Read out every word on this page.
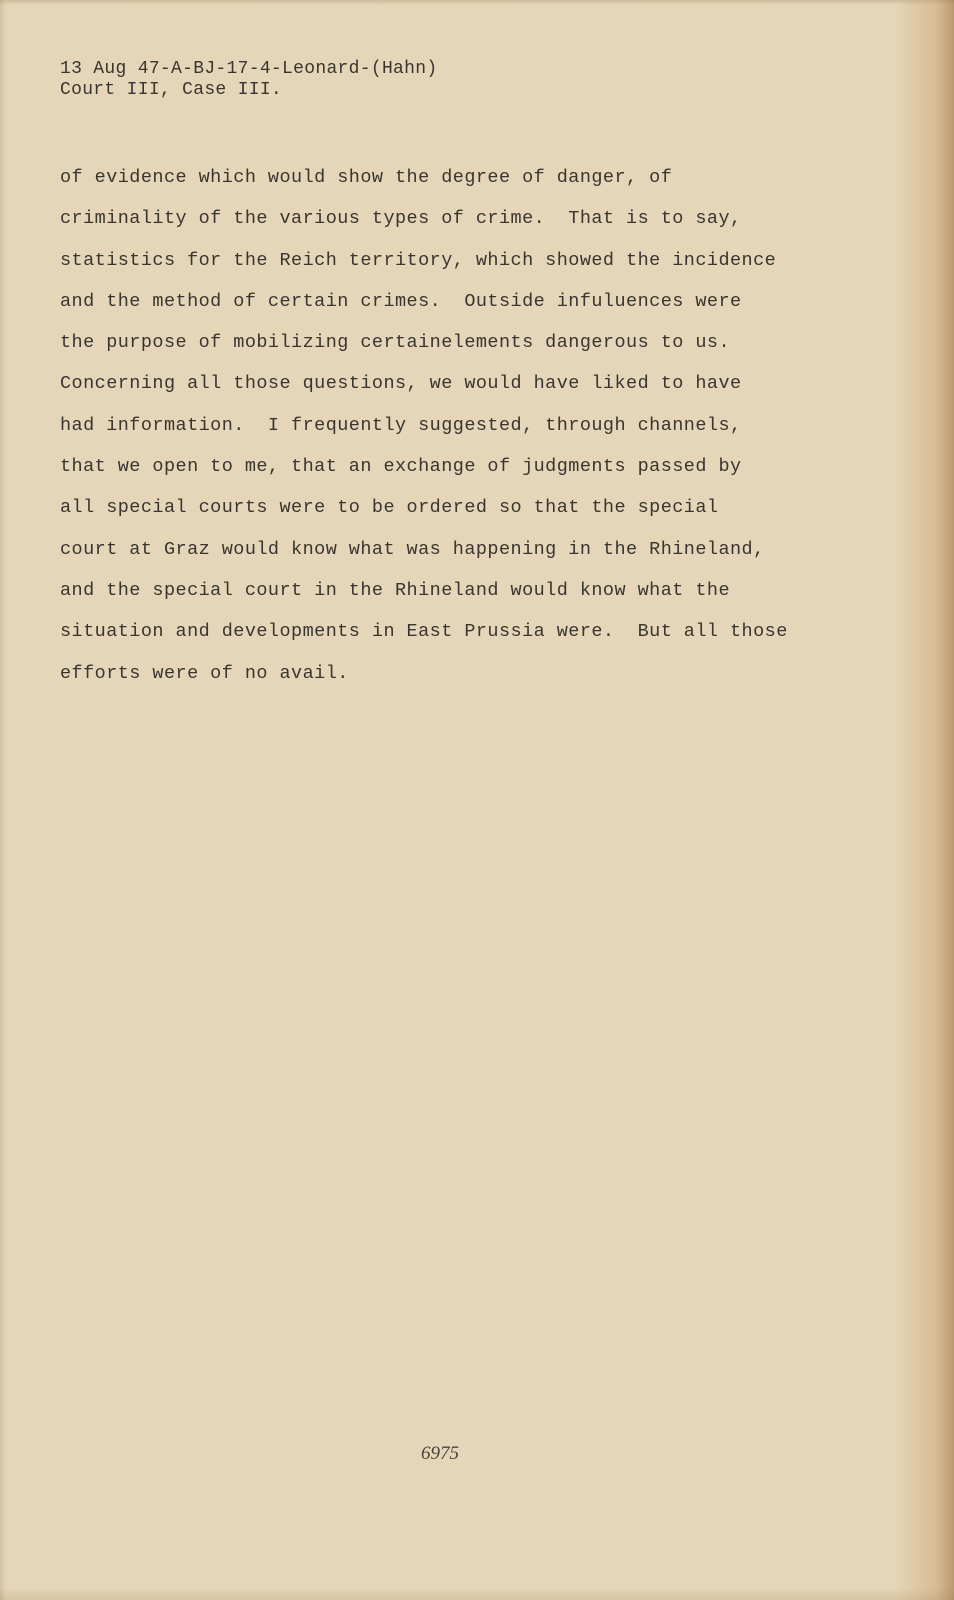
13 Aug 47-A-BJ-17-4-Leonard-(Hahn)
Court III, Case III.
of evidence which would show the degree of danger, of
criminality of the various types of crime.  That is to say,
statistics for the Reich territory, which showed the incidence
and the method of certain crimes.  Outside infuluences were
the purpose of mobilizing certainelements dangerous to us.
Concerning all those questions, we would have liked to have
had information.  I frequently suggested, through channels,
that we open to me, that an exchange of judgments passed by
all special courts were to be ordered so that the special
court at Graz would know what was happening in the Rhineland,
and the special court in the Rhineland would know what the
situation and developments in East Prussia were.  But all those
efforts were of no avail.
6975
